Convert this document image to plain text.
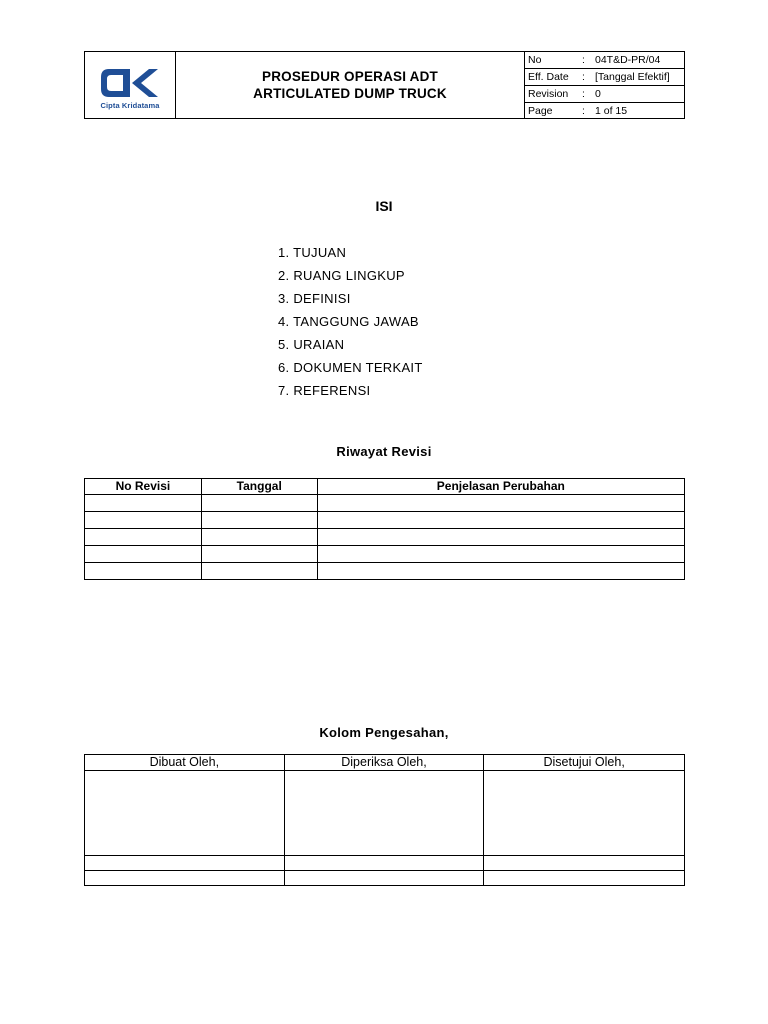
Cipta Kridatama
PROSEDUR OPERASI ADT
ARTICULATED DUMP TRUCK
No	: 04T&D-PR/04
Eff. Date : [Tanggal Efektif]
Revision : 0
Page	: 1 of 15
ISI
1. TUJUAN
2. RUANG LINGKUP
3. DEFINISI
4. TANGGUNG JAWAB
5. URAIAN
6. DOKUMEN TERKAIT
7. REFERENSI
Riwayat Revisi
No Revisi	Tanggal	Penjelasan Perubahan

Kolom Pengesahan,
Dibuat Oleh,	Diperiksa Oleh,	Disetujui Oleh,
